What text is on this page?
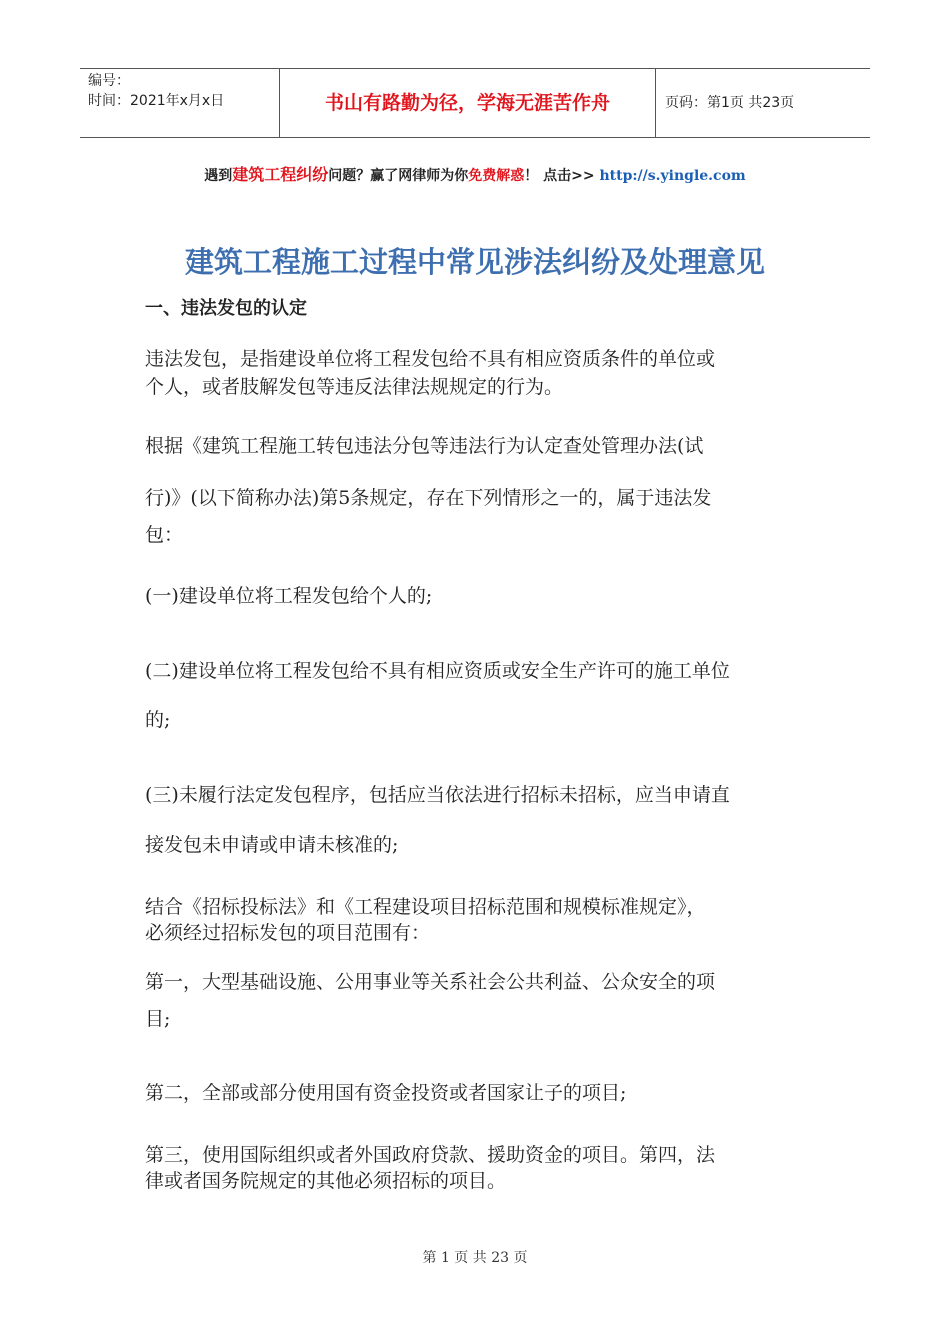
编号：
时间：2021年x月x日	书山有路勤为径，学海无涯苦作舟	页码：第1页 共23页
遇到建筑工程纠纷问题？赢了网律师为你免费解惑！ 点击>> http://s.yingle.com
建筑工程施工过程中常见涉法纠纷及处理意见
一、违法发包的认定
违法发包，是指建设单位将工程发包给不具有相应资质条件的单位或
个人，或者肢解发包等违反法律法规规定的行为。
根据《建筑工程施工转包违法分包等违法行为认定查处管理办法(试
行)》(以下简称办法)第5条规定，存在下列情形之一的，属于违法发
包：
(一)建设单位将工程发包给个人的;
(二)建设单位将工程发包给不具有相应资质或安全生产许可的施工单位
的;
(三)未履行法定发包程序，包括应当依法进行招标未招标，应当申请直
接发包未申请或申请未核准的;
结合《招标投标法》和《工程建设项目招标范围和规模标准规定》，
必须经过招标发包的项目范围有：
第一，大型基础设施、公用事业等关系社会公共利益、公众安全的项
目;
第二，全部或部分使用国有资金投资或者国家让子的项目;
第三，使用国际组织或者外国政府贷款、援助资金的项目。第四，法
律或者国务院规定的其他必须招标的项目。
第 1 页 共 23 页
